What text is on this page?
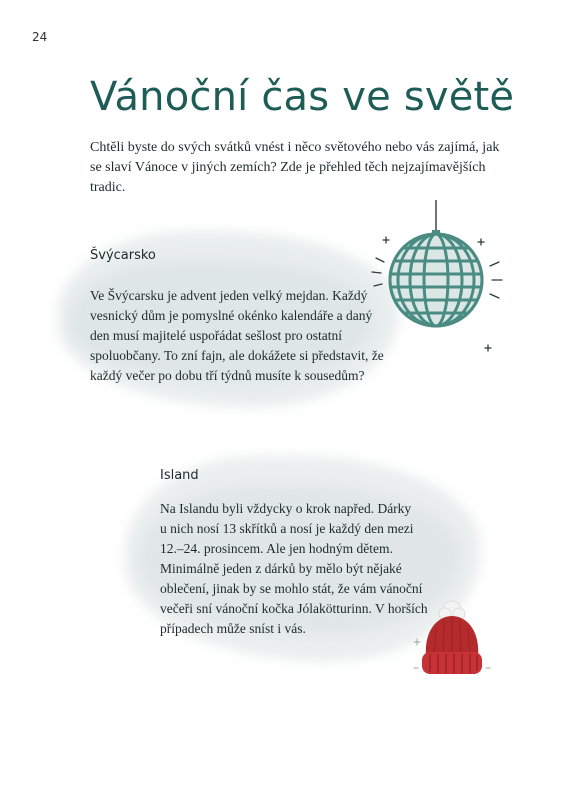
24
Vánoční čas ve světě

Chtěli byste do svých svátků vnést i něco světového nebo vás zajímá, jak se slaví Vánoce v jiných zemích? Zde je přehled těch nejzajímavějších tradic.

Švýcarsko

Ve Švýcarsku je advent jeden velký mejdan. Každý
vesnický dům je pomyslné okénko kalendáře a daný
den musí majitelé uspořádat sešlost pro ostatní
spoluobčany. To zní fajn, ale dokážete si představit, že
každý večer po dobu tří týdnů musíte k sousedům?

Island

Na Islandu byli vždycky o krok napřed. Dárky
u nich nosí 13 skřítků a nosí je každý den mezi
12.–24. prosincem. Ale jen hodným dětem.
Minimálně jeden z dárků by mělo být nějaké
oblečení, jinak by se mohlo stát, že vám vánoční
večeři sní vánoční kočka Jólakötturinn. V horších
případech může sníst i vás.
